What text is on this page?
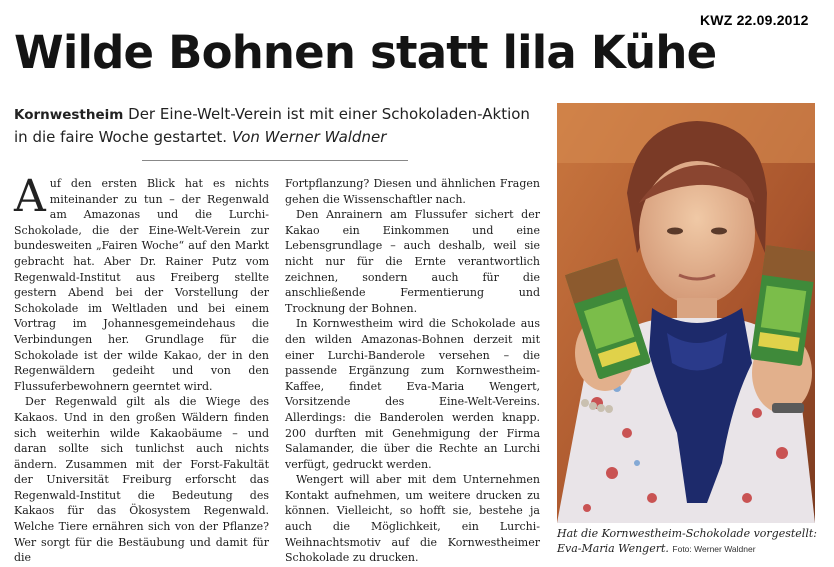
KWZ 22.09.2012
Wilde Bohnen statt lila Kühe
Kornwestheim Der Eine-Welt-Verein ist mit einer Schokoladen-Aktion in die faire Woche gestartet. Von Werner Waldner

Auf den ersten Blick hat es nichts miteinander zu tun – der Regenwald am Amazonas und die Lurchi-Schokolade, die der Eine-Welt-Verein zur bundesweiten „Fairen Woche“ auf den Markt gebracht hat. Aber Dr. Rainer Putz vom Regenwald-Institut aus Freiberg stellte gestern Abend bei der Vorstellung der Schokolade im Weltladen und bei einem Vortrag im Johannesgemeindehaus die Verbindungen her. Grundlage für die Schokolade ist der wilde Kakao, der in den Regenwäldern gedeiht und von den Flussuferbewohnern geerntet wird.

Der Regenwald gilt als die Wiege des Kakaos. Und in den großen Wäldern finden sich weiterhin wilde Kakaobäume – und daran sollte sich tunlichst auch nichts ändern. Zusammen mit der Forst-Fakultät der Universität Freiburg erforscht das Regenwald-Institut die Bedeutung des Kakaos für das Ökosystem Regenwald. Welche Tiere ernähren sich von der Pflanze? Wer sorgt für die Bestäubung und damit für die

Fortpflanzung? Diesen und ähnlichen Fragen gehen die Wissenschaftler nach.

Den Anrainern am Flussufer sichert der Kakao ein Einkommen und eine Lebensgrundlage – auch deshalb, weil sie nicht nur für die Ernte verantwortlich zeichnen, sondern auch für die anschließende Fermentierung und Trocknung der Bohnen.

In Kornwestheim wird die Schokolade aus den wilden Amazonas-Bohnen derzeit mit einer Lurchi-Banderole versehen – die passende Ergänzung zum Kornwestheim-Kaffee, findet Eva-Maria Wengert, Vorsitzende des Eine-Welt-Vereins. Allerdings: die Banderolen werden knapp. 200 durften mit Genehmigung der Firma Salamander, die über die Rechte an Lurchi verfügt, gedruckt werden.

Wengert will aber mit dem Unternehmen Kontakt aufnehmen, um weitere drucken zu können. Vielleicht, so hofft sie, bestehe ja auch die Möglichkeit, ein Lurchi-Weihnachtsmotiv auf die Kornwestheimer Schokolade zu drucken.

Hat die Kornwestheim-Schokolade vorgestellt: Eva-Maria Wengert. Foto: Werner Waldner
